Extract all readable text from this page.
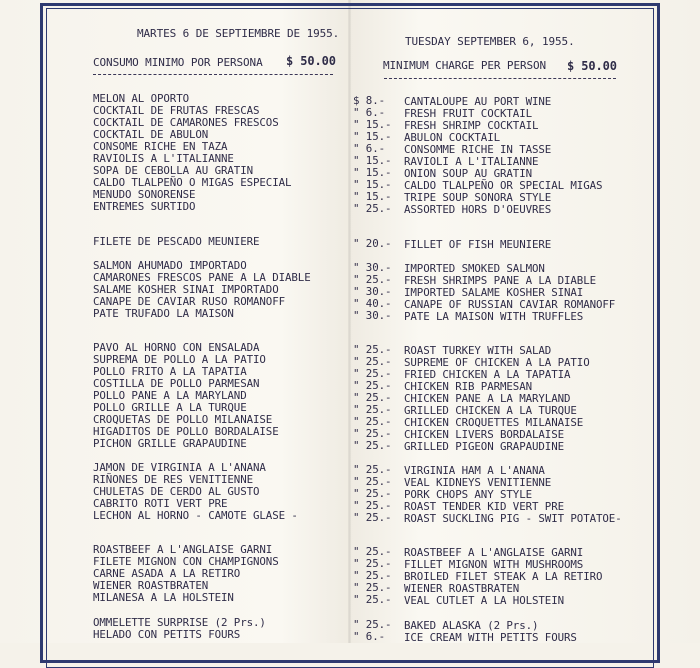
MARTES 6 DE SEPTIEMBRE DE 1955.
TUESDAY SEPTEMBER 6, 1955.
CONSUMO MINIMO POR PERSONA $ 50.00	MINIMUM CHARGE PER PERSON $ 50.00
MELON AL OPORTO	$ 8.- CANTALOUPE AU PORT WINE
COCKTAIL DE FRUTAS FRESCAS	" 6.- FRESH FRUIT COCKTAIL
COCKTAIL DE CAMARONES FRESCOS	" 15.- FRESH SHRIMP COCKTAIL
COCKTAIL DE ABULON	" 15.- ABULON COCKTAIL
CONSOME RICHE EN TAZA	" 6.- CONSOMME RICHE IN TASSE
RAVIOLIS A L'ITALIANNE	" 15.- RAVIOLI A L'ITALIANNE
SOPA DE CEBOLLA AU GRATIN	" 15.- ONION SOUP AU GRATIN
CALDO TLALPEÑO O MIGAS ESPECIAL	" 15.- CALDO TLALPEÑO OR SPECIAL MIGAS
MENUDO SONORENSE	" 15.- TRIPE SOUP SONORA STYLE
ENTREMES SURTIDO	" 25.- ASSORTED HORS D'OEUVRES
FILETE DE PESCADO MEUNIERE	" 20.- FILLET OF FISH MEUNIERE
SALMON AHUMADO IMPORTADO	" 30.- IMPORTED SMOKED SALMON
CAMARONES FRESCOS PANE A LA DIABLE	" 25.- FRESH SHRIMPS PANE A LA DIABLE
SALAME KOSHER SINAI IMPORTADO	" 30.- IMPORTED SALAME KOSHER SINAI
CANAPE DE CAVIAR RUSO ROMANOFF	" 40.- CANAPE OF RUSSIAN CAVIAR ROMANOFF
PATE TRUFADO LA MAISON	" 30.- PATE LA MAISON WITH TRUFFLES
PAVO AL HORNO CON ENSALADA	" 25.- ROAST TURKEY WITH SALAD
SUPREMA DE POLLO A LA PATIO	" 25.- SUPREME OF CHICKEN A LA PATIO
POLLO FRITO A LA TAPATIA	" 25.- FRIED CHICKEN A LA TAPATIA
COSTILLA DE POLLO PARMESAN	" 25.- CHICKEN RIB PARMESAN
POLLO PANE A LA MARYLAND	" 25.- CHICKEN PANE A LA MARYLAND
POLLO GRILLE A LA TURQUE	" 25.- GRILLED CHICKEN A LA TURQUE
CROQUETAS DE POLLO MILANAISE	" 25.- CHICKEN CROQUETTES MILANAISE
HIGADITOS DE POLLO BORDALAISE	" 25.- CHICKEN LIVERS BORDALAISE
PICHON GRILLE GRAPAUDINE	" 25.- GRILLED PIGEON GRAPAUDINE
JAMON DE VIRGINIA A L'ANANA	" 25.- VIRGINIA HAM A L'ANANA
RIÑONES DE RES VENITIENNE	" 25.- VEAL KIDNEYS VENITIENNE
CHULETAS DE CERDO AL GUSTO	" 25.- PORK CHOPS ANY STYLE
CABRITO ROTI VERT PRE	" 25.- ROAST TENDER KID VERT PRE
LECHON AL HORNO - CAMOTE GLASE -	" 25.- ROAST SUCKLING PIG - SWIT POTATOE-
ROASTBEEF A L'ANGLAISE GARNI	" 25.- ROASTBEEF A L'ANGLAISE GARNI
FILETE MIGNON CON CHAMPIGNONS	" 25.- FILLET MIGNON WITH MUSHROOMS
CARNE ASADA A LA RETIRO	" 25.- BROILED FILET STEAK A LA RETIRO
WIENER ROASTBRATEN	" 25.- WIENER ROASTBRATEN
MILANESA A LA HOLSTEIN	" 25.- VEAL CUTLET A LA HOLSTEIN
OMMELETTE SURPRISE (2 Prs.)	" 25.- BAKED ALASKA (2 Prs.)
HELADO CON PETITS FOURS	" 6.- ICE CREAM WITH PETITS FOURS
